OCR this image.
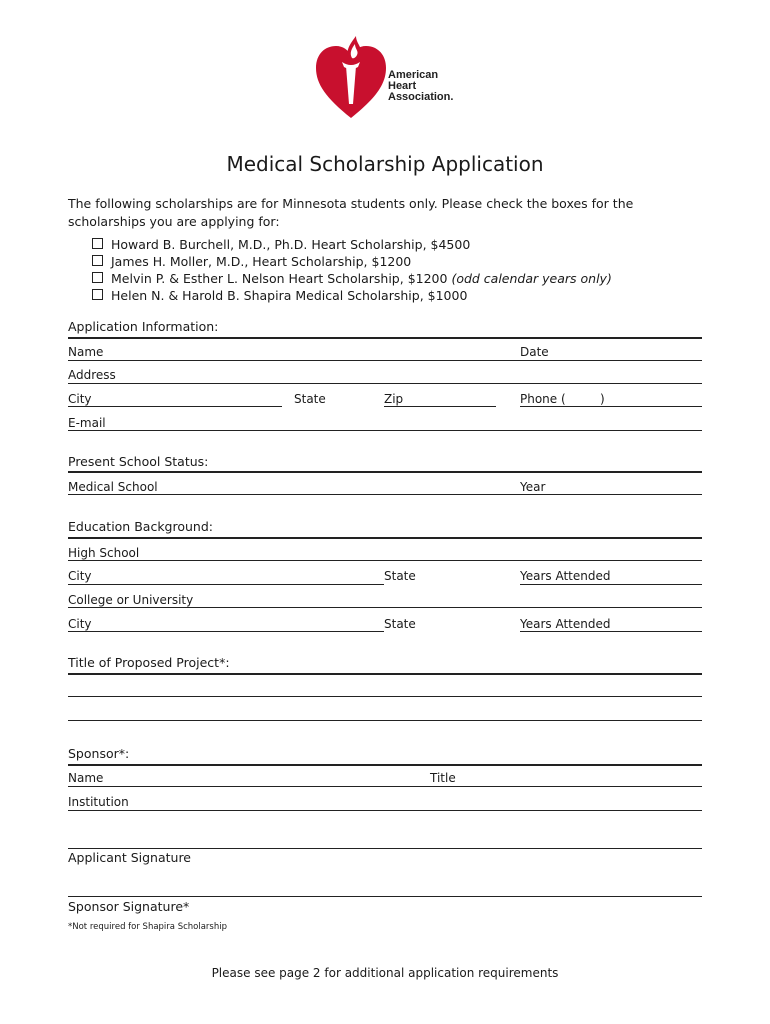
American
Heart
Association.
Medical Scholarship Application
The following scholarships are for Minnesota students only. Please check the boxes for the scholarships you are applying for:
Howard B. Burchell, M.D., Ph.D. Heart Scholarship, $4500
James H. Moller, M.D., Heart Scholarship, $1200
Melvin P. & Esther L. Nelson Heart Scholarship, $1200 (odd calendar years only)
Helen N. & Harold B. Shapira Medical Scholarship, $1000
Application Information:
Name	Date
Address
City	State	Zip	Phone (	)
E-mail
Present School Status:
Medical School	Year
Education Background:
High School
City	State	Years Attended
College or University
City	State	Years Attended
Title of Proposed Project*:
Sponsor*:
Name	Title
Institution
Applicant Signature
Sponsor Signature*
*Not required for Shapira Scholarship
Please see page 2 for additional application requirements
